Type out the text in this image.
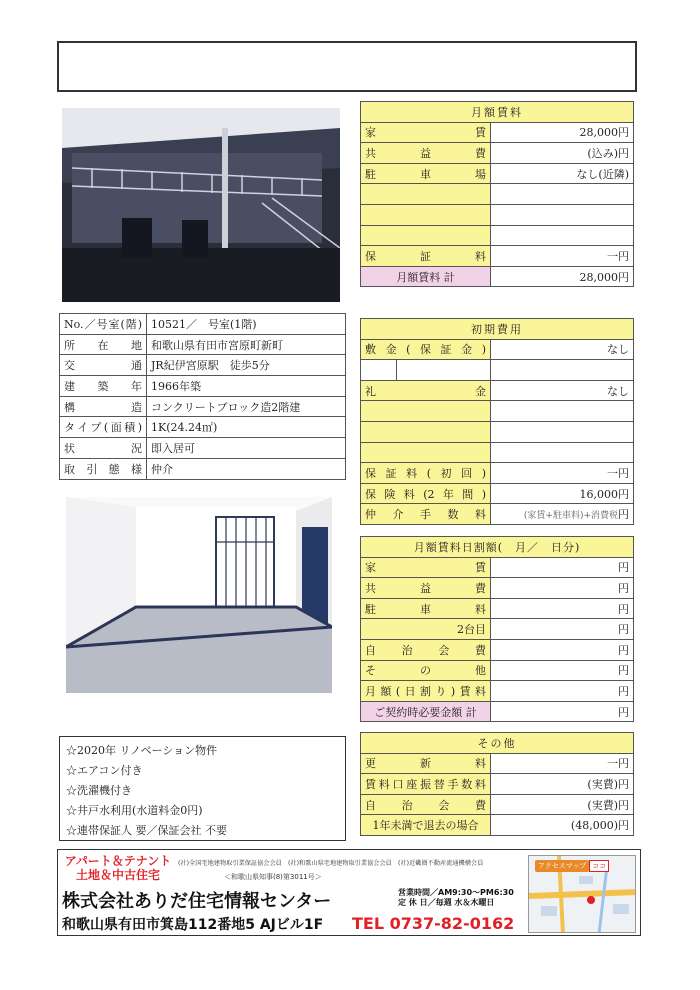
月額賃料	
家賃	28,000円
共益費	(込み)円
駐車場	なし(近隣)

保証料	一円
月額賃料 計	28,000円
初期費用		
敷金(保証金)		なし

礼金		なし

保証料(初回)		一円
保険料(2年間)		16,000円
仲介手数料		(家賃+駐車料)+消費税円
月額賃料日割額(　月／　日分)	
家賃	円
共益費	円
駐車料	円
2台目	円
自治会費	円
その他	円
月額(日割り)賃料	円
ご契約時必要金額 計	円
その他	
更新料	一円
賃料口座振替手数料	(実費)円
自治会費	(実費)円
1年未満で退去の場合	(48,000)円
No.／号室(階)	10521／　号室(1階)
所在地	和歌山県有田市宮原町新町
交通	JR紀伊宮原駅　徒歩5分
建築年	1966年築
構造	コンクリートブロック造2階建
タイプ(面積)	1K(24.24㎡)
状況	即入居可
取引態様	仲介
☆2020年 リノベーション物件
☆エアコン付き
☆洗濯機付き
☆井戸水利用(水道料金0円)
☆連帯保証人 要／保証会社 不要
アパート＆テナント
土地＆中古住宅
(社)全国宅地建物取引業保証協会会員　(社)和歌山県宅地建物取引業協会会員　(社)近畿圏不動産流通機構会員
＜和歌山県知事(8)第3011号＞
株式会社ありだ住宅情報センター	営業時間／AM9:30～PM6:30
定 休 日／毎週 水＆木曜日
和歌山県有田市箕島112番地5 AJビル1F TEL 0737-82-0162
アクセスマップ ココ
